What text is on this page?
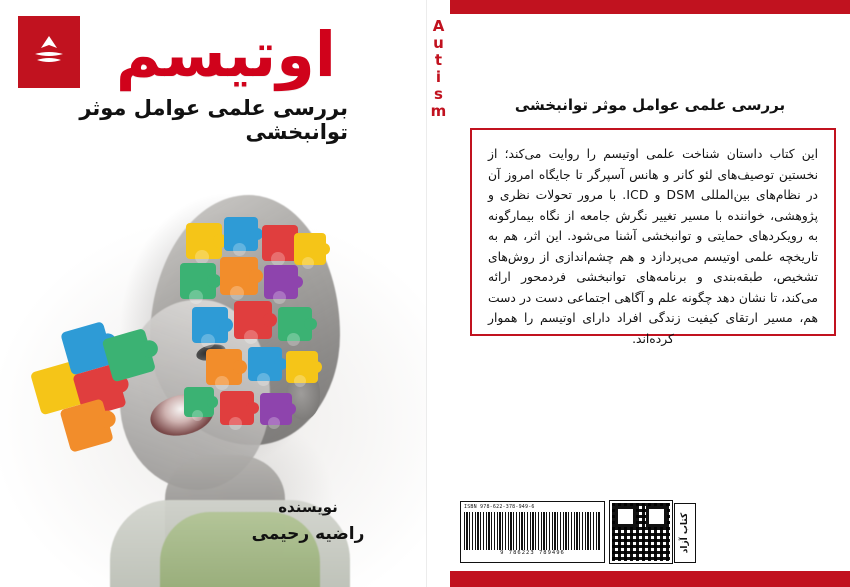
اوتیسم
بررسی علمی عوامل موثر توانبخشی
نویسنده
راضیه رحیمی
A
u
t
i
s
m	بررسی علمی عوامل موثر توانبخشی

این کتاب داستان شناخت علمی اوتیسم را روایت می‌کند؛ از نخستین توصیف‌های لئو کانر و هانس آسپرگر تا جایگاه امروز آن در نظام‌های بین‌المللی DSM و ICD. با مرور تحولات نظری و پژوهشی، خواننده با مسیر تغییر نگرش جامعه از نگاه بیمارگونه به رویکردهای حمایتی و توانبخشی آشنا می‌شود. این اثر، هم به تاریخچه علمی اوتیسم می‌پردازد و هم چشم‌اندازی از روش‌های تشخیص، طبقه‌بندی و برنامه‌های توانبخشی فردمحور ارائه می‌کند، تا نشان دهد چگونه علم و آگاهی اجتماعی دست در دست هم، مسیر ارتقای کیفیت زندگی افراد دارای اوتیسم را هموار کرده‌اند.

ISBN 978-622-378-949-6
9 786223 789496	کتاب آزاد
